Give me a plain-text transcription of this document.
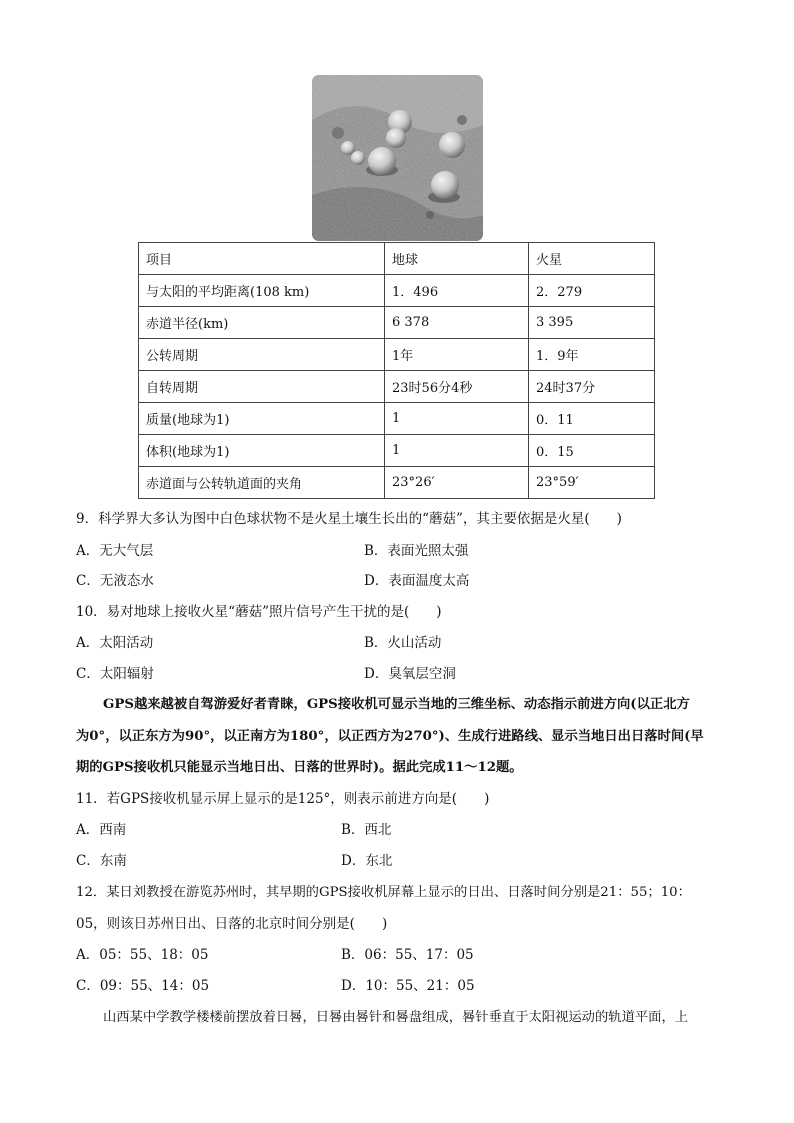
项目	地球	火星
与太阳的平均距离(108 km)	1．496	2．279
赤道半径(km)	6 378	3 395
公转周期	1年	1．9年
自转周期	23时56分4秒	24时37分
质量(地球为1)	1	0．11
体积(地球为1)	1	0．15
赤道面与公转轨道面的夹角	23°26′	23°59′
9．科学界大多认为图中白色球状物不是火星土壤生长出的“蘑菇”，其主要依据是火星(　　)
A．无大气层	B．表面光照太强
C．无液态水	D．表面温度太高
10．易对地球上接收火星“蘑菇”照片信号产生干扰的是(　　)
A．太阳活动	B．火山活动
C．太阳辐射	D．臭氧层空洞
GPS越来越被自驾游爱好者青睐，GPS接收机可显示当地的三维坐标、动态指示前进方向(以正北方
为0°，以正东方为90°，以正南方为180°，以正西方为270°)、生成行进路线、显示当地日出日落时间(早
期的GPS接收机只能显示当地日出、日落的世界时)。据此完成11～12题。
11．若GPS接收机显示屏上显示的是125°，则表示前进方向是(　　)
A．西南	B．西北
C．东南	D．东北
12．某日刘教授在游览苏州时，其早期的GPS接收机屏幕上显示的日出、日落时间分别是21：55；10：
05，则该日苏州日出、日落的北京时间分别是(　　)
A．05：55、18：05	B．06：55、17：05
C．09：55、14：05	D．10：55、21：05
山西某中学教学楼楼前摆放着日晷，日晷由晷针和晷盘组成，晷针垂直于太阳视运动的轨道平面，上
